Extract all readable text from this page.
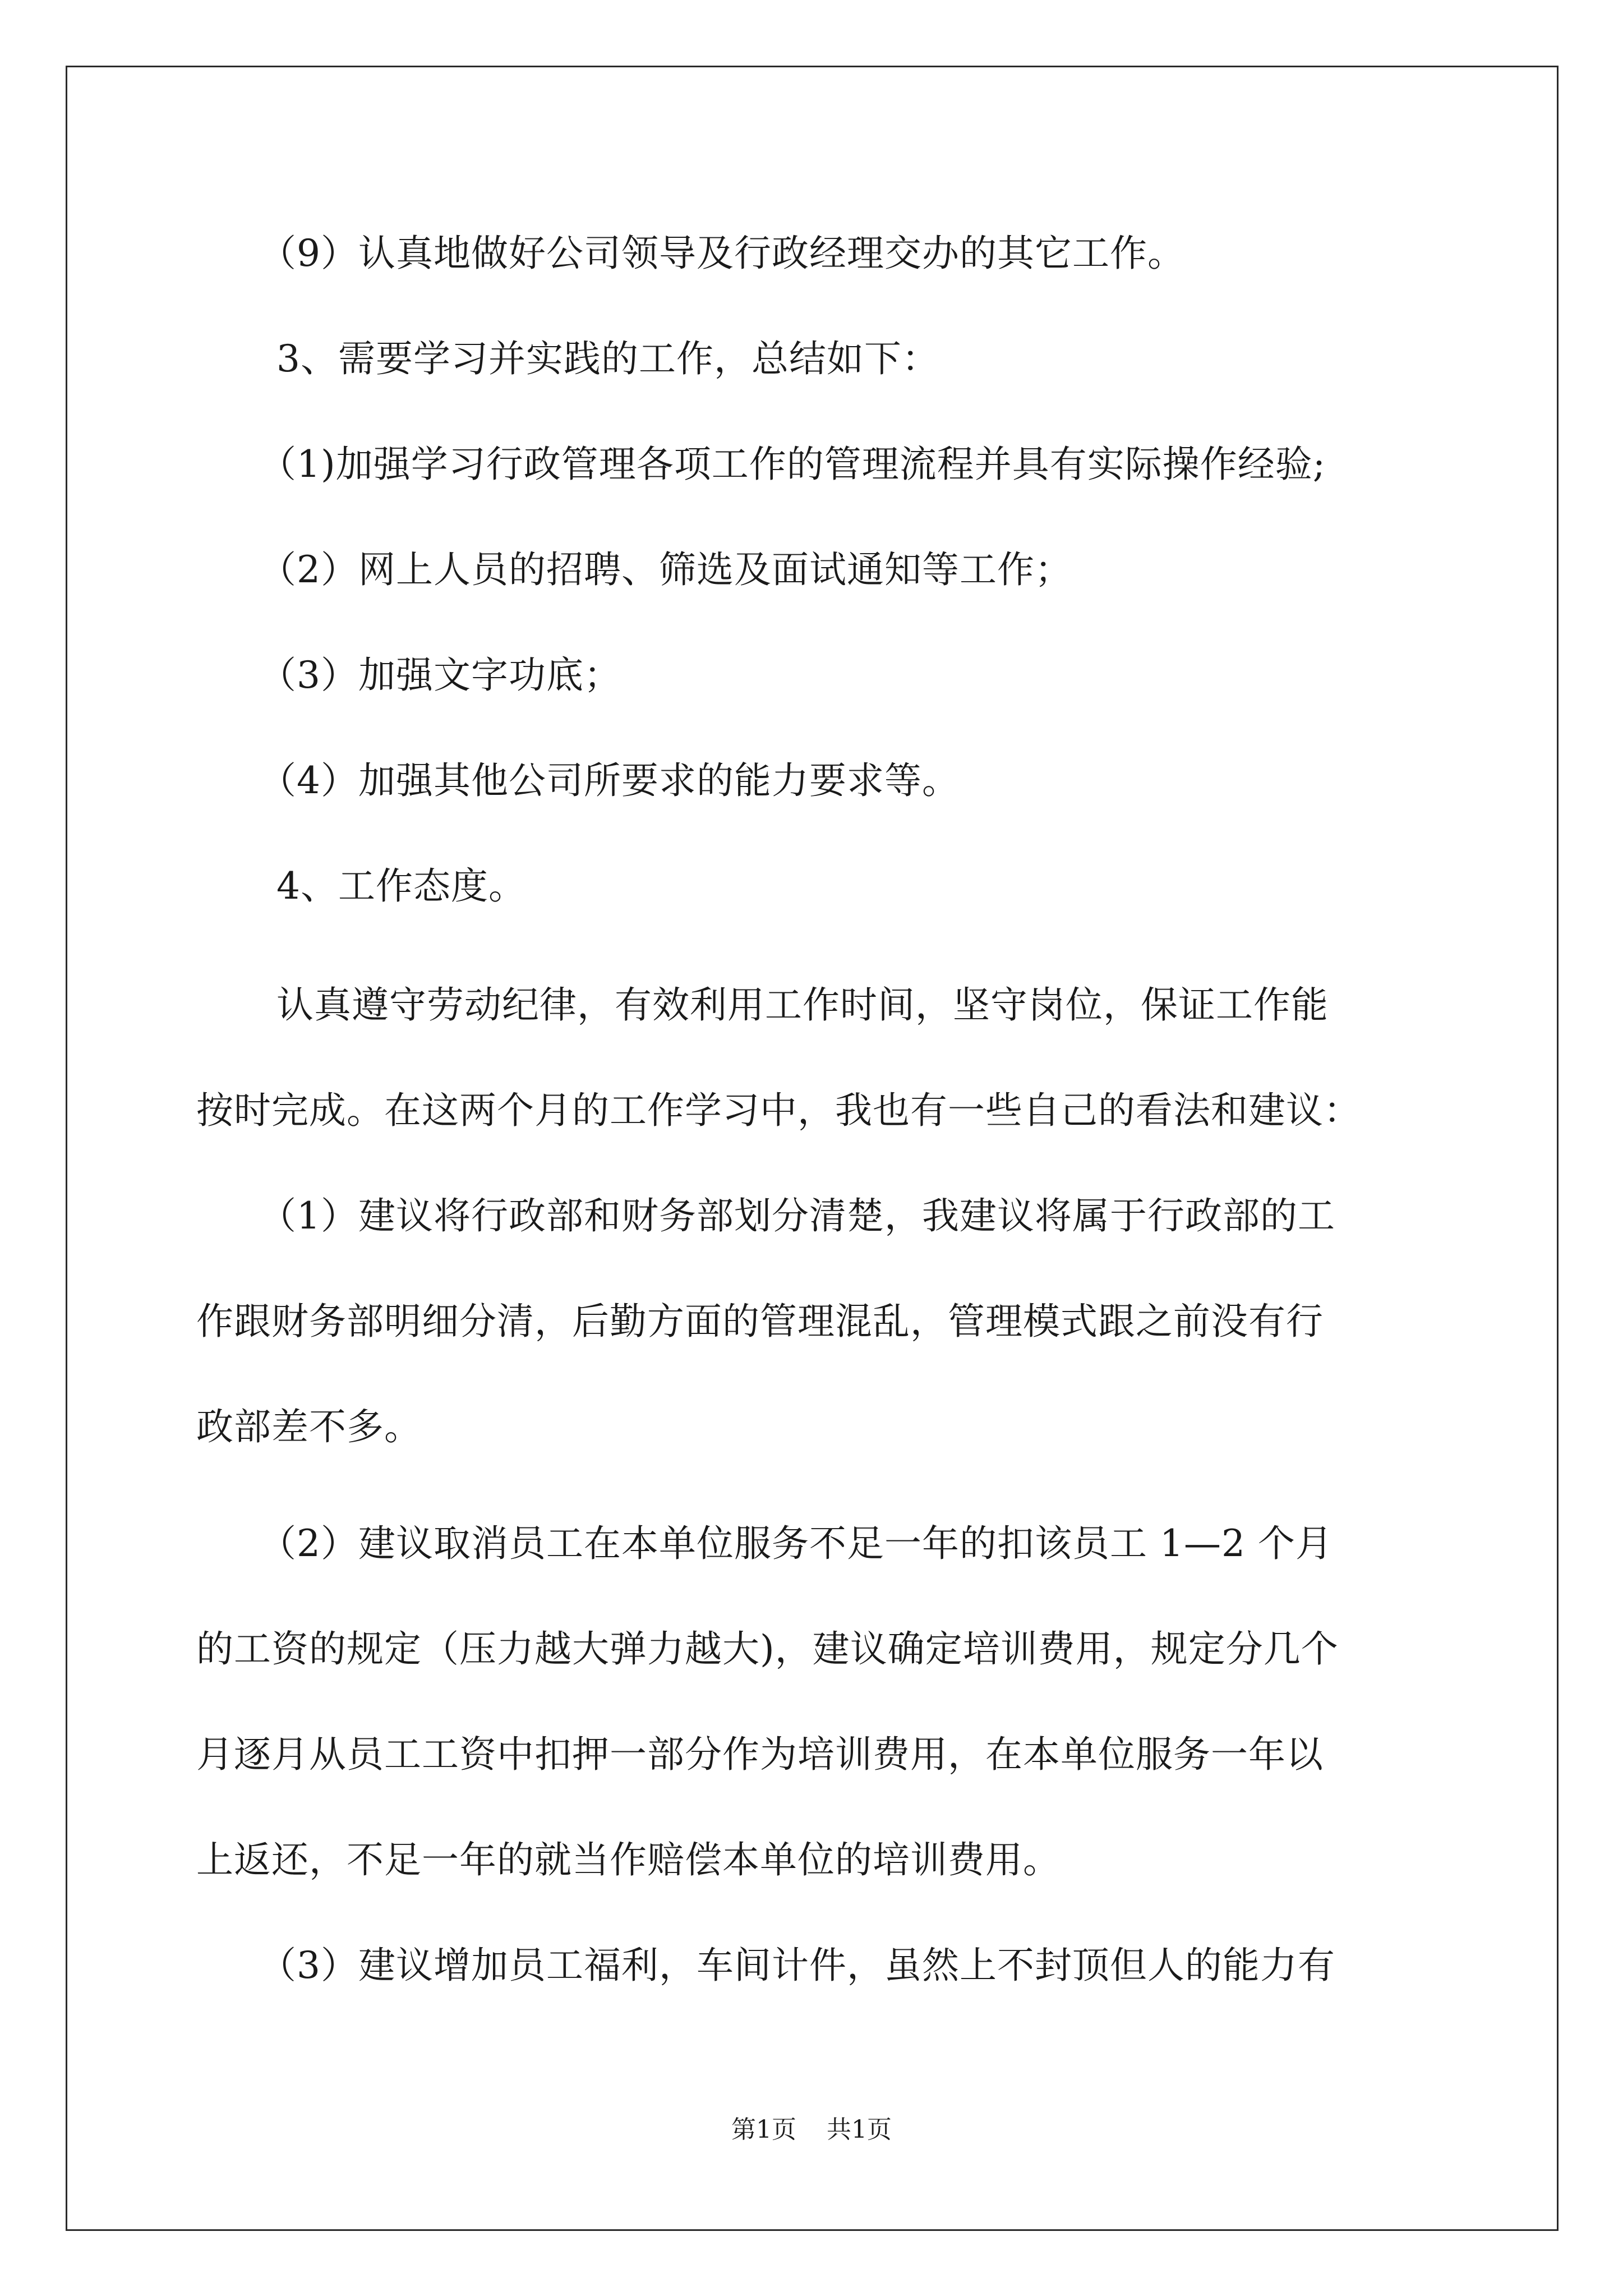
（9）认真地做好公司领导及行政经理交办的其它工作。

3、需要学习并实践的工作，总结如下：

（1)加强学习行政管理各项工作的管理流程并具有实际操作经验;

（2）网上人员的招聘、筛选及面试通知等工作；

（3）加强文字功底；

（4）加强其他公司所要求的能力要求等。

4、工作态度。

认真遵守劳动纪律，有效利用工作时间，坚守岗位，保证工作能

按时完成。在这两个月的工作学习中，我也有一些自己的看法和建议：

（1）建议将行政部和财务部划分清楚，我建议将属于行政部的工

作跟财务部明细分清，后勤方面的管理混乱，管理模式跟之前没有行

政部差不多。

（2）建议取消员工在本单位服务不足一年的扣该员工 1—2 个月

的工资的规定（压力越大弹力越大)，建议确定培训费用，规定分几个

月逐月从员工工资中扣押一部分作为培训费用，在本单位服务一年以

上返还，不足一年的就当作赔偿本单位的培训费用。

（3）建议增加员工福利，车间计件，虽然上不封顶但人的能力有

第1页 共1页
